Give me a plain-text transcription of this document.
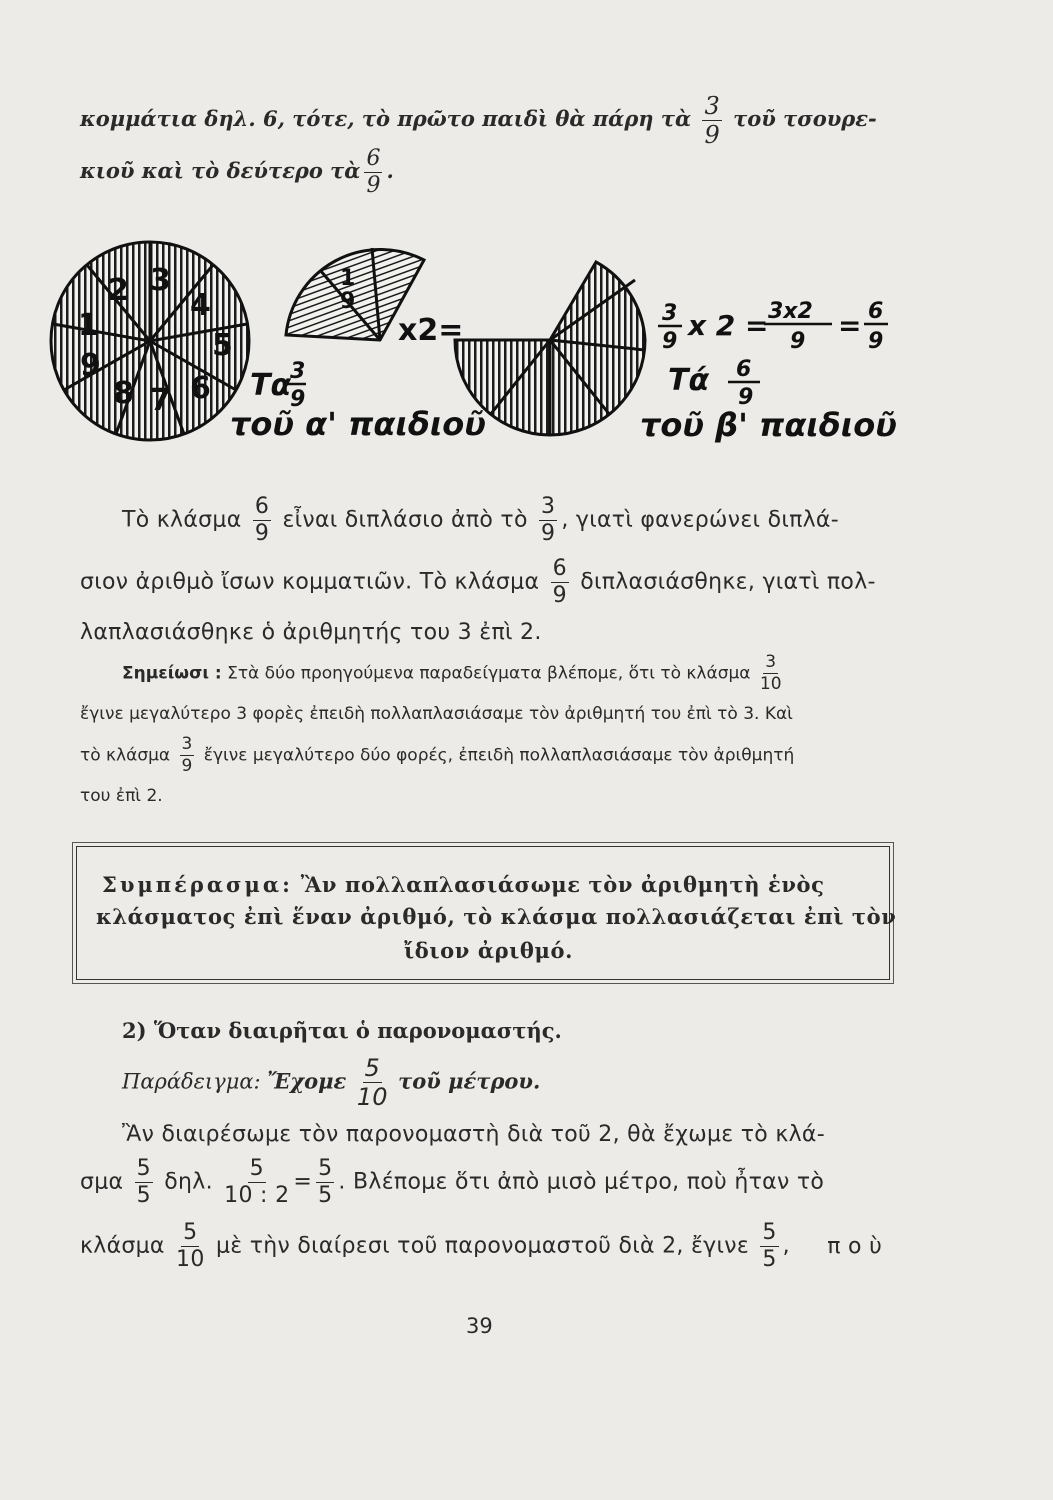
κομμάτια δηλ. 6, τότε, τὸ πρῶτο παιδὶ θὰ πάρη τὰ $\frac{3}{9}$ τοῦ τσουρε-
κιοῦ καὶ τὸ δεύτερο τὰ $\frac{6}{9}$ .
1
2 3
4
5
6
7
8
9
1
9
x2=
Τα
3
9
τοῦ α' παιδιοῦ
3
9 x 2 = 3x2
9 = 6
9
Τά 6
9
τοῦ β' παιδιοῦ
Τὸ κλάσμα $\frac{6}{9}$ εἶναι διπλάσιο ἀπὸ τὸ $\frac{3}{9}$ , γιατὶ φανερώνει διπλά-
σιον ἀριθμὸ ἴσων κομματιῶν. Τὸ κλάσμα $\frac{6}{9} \delta\iota\pi\lambda\alpha\sigma\iota ά\sigma\theta\eta\kappa\varepsilon$, γιατὶ πολ-
λαπλασιάσθηκε ὁ ἀριθμητής του 3 ἐπὶ 2.
Σημείωσι : Στὰ δύο προηγούμενα παραδείγματα βλέπομε, ὅτι τὸ κλάσμα $\frac{3}{10}$
ἔγινε μεγαλύτερο 3 φορὲς ἐπειδὴ πολλαπλασιάσαμε τὸν ἀριθμητή του ἐπὶ τὸ 3. Καὶ
τὸ κλάσμα $\frac{3}{9}$ ἔγινε μεγαλύτερο δύο φορές, ἐπειδὴ πολλαπλασιάσαμε τὸν ἀριθμητή
του ἐπὶ 2.
Συμπέρασμα: Ἂν πολλαπλασιάσωμε τὸν ἀριθμητὴ ἑνὸς
κλάσματος ἐπὶ ἕναν ἀριθμό, τὸ κλάσμα πολλασιάζεται ἐπὶ τὸν
ἴδιον ἀριθμό.
2) Ὅταν διαιρῆται ὁ παρονομαστής.
Παράδειγμα: Ἔχομε $\frac{5}{10}$ τοῦ μέτρου.
Ἂν διαιρέσωμε τὸν παρονομαστὴ διὰ τοῦ 2, θὰ ἔχωμε τὸ κλά-
σμα $\frac{5}{5} \delta\eta\lambda$. $\frac{5}{10 : 2} = \frac{5}{5}$ . Βλέπομε ὅτι ἀπὸ μισὸ μέτρο, ποὺ ἦταν τὸ
κλάσμα $\frac{5}{10}$ μὲ τὴν διαίρεσι τοῦ παρονομαστοῦ διὰ 2, ἔγινε $\frac{5}{5}$ , π ο ὺ
39
